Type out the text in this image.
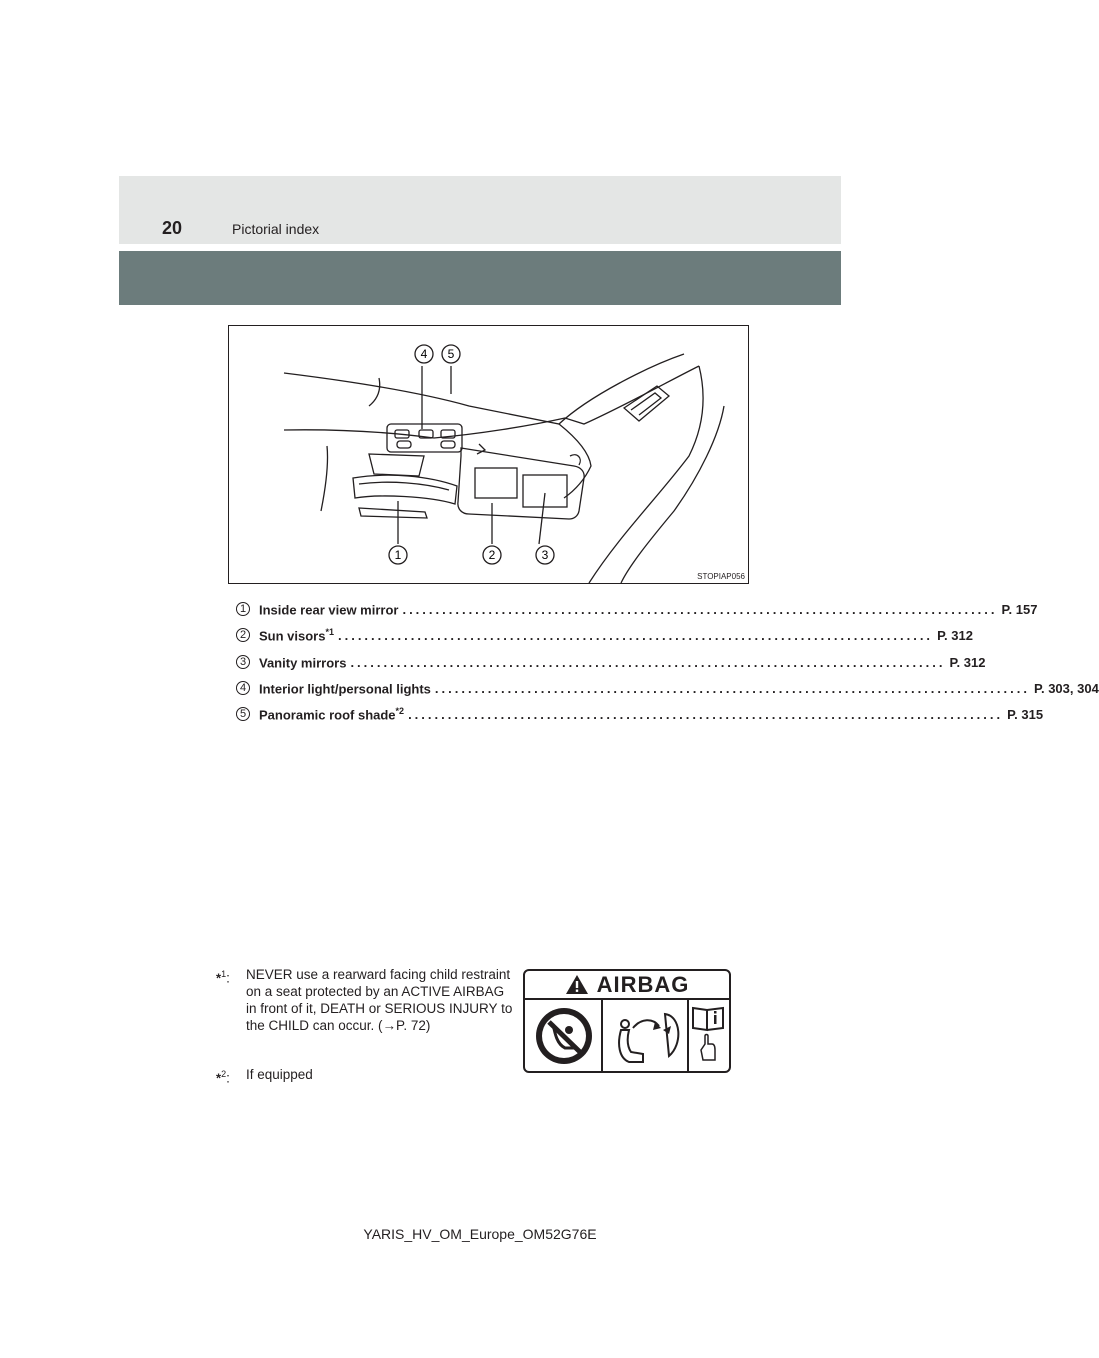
20	Pictorial index
4 5
1	2	3
STOPIAP056
1 Inside rear view mirror .......................................................................................... P. 157
2 Sun visors$^{*1}$ .......................................................................................... P. 312
3 Vanity mirrors .......................................................................................... P. 312
4 Interior light/personal lights .......................................................................................... P. 303, 304
5 Panoramic roof shade$^{*2}$ .......................................................................................... P. 315
*$^1$: NEVER use a rearward facing child restraint on a seat protected by an ACTIVE AIRBAG in front of it, DEATH or SERIOUS INJURY to the CHILD can occur. (→P. 72)
*$^2$: If equipped
AIRBAG
YARIS_HV_OM_Europe_OM52G76E
